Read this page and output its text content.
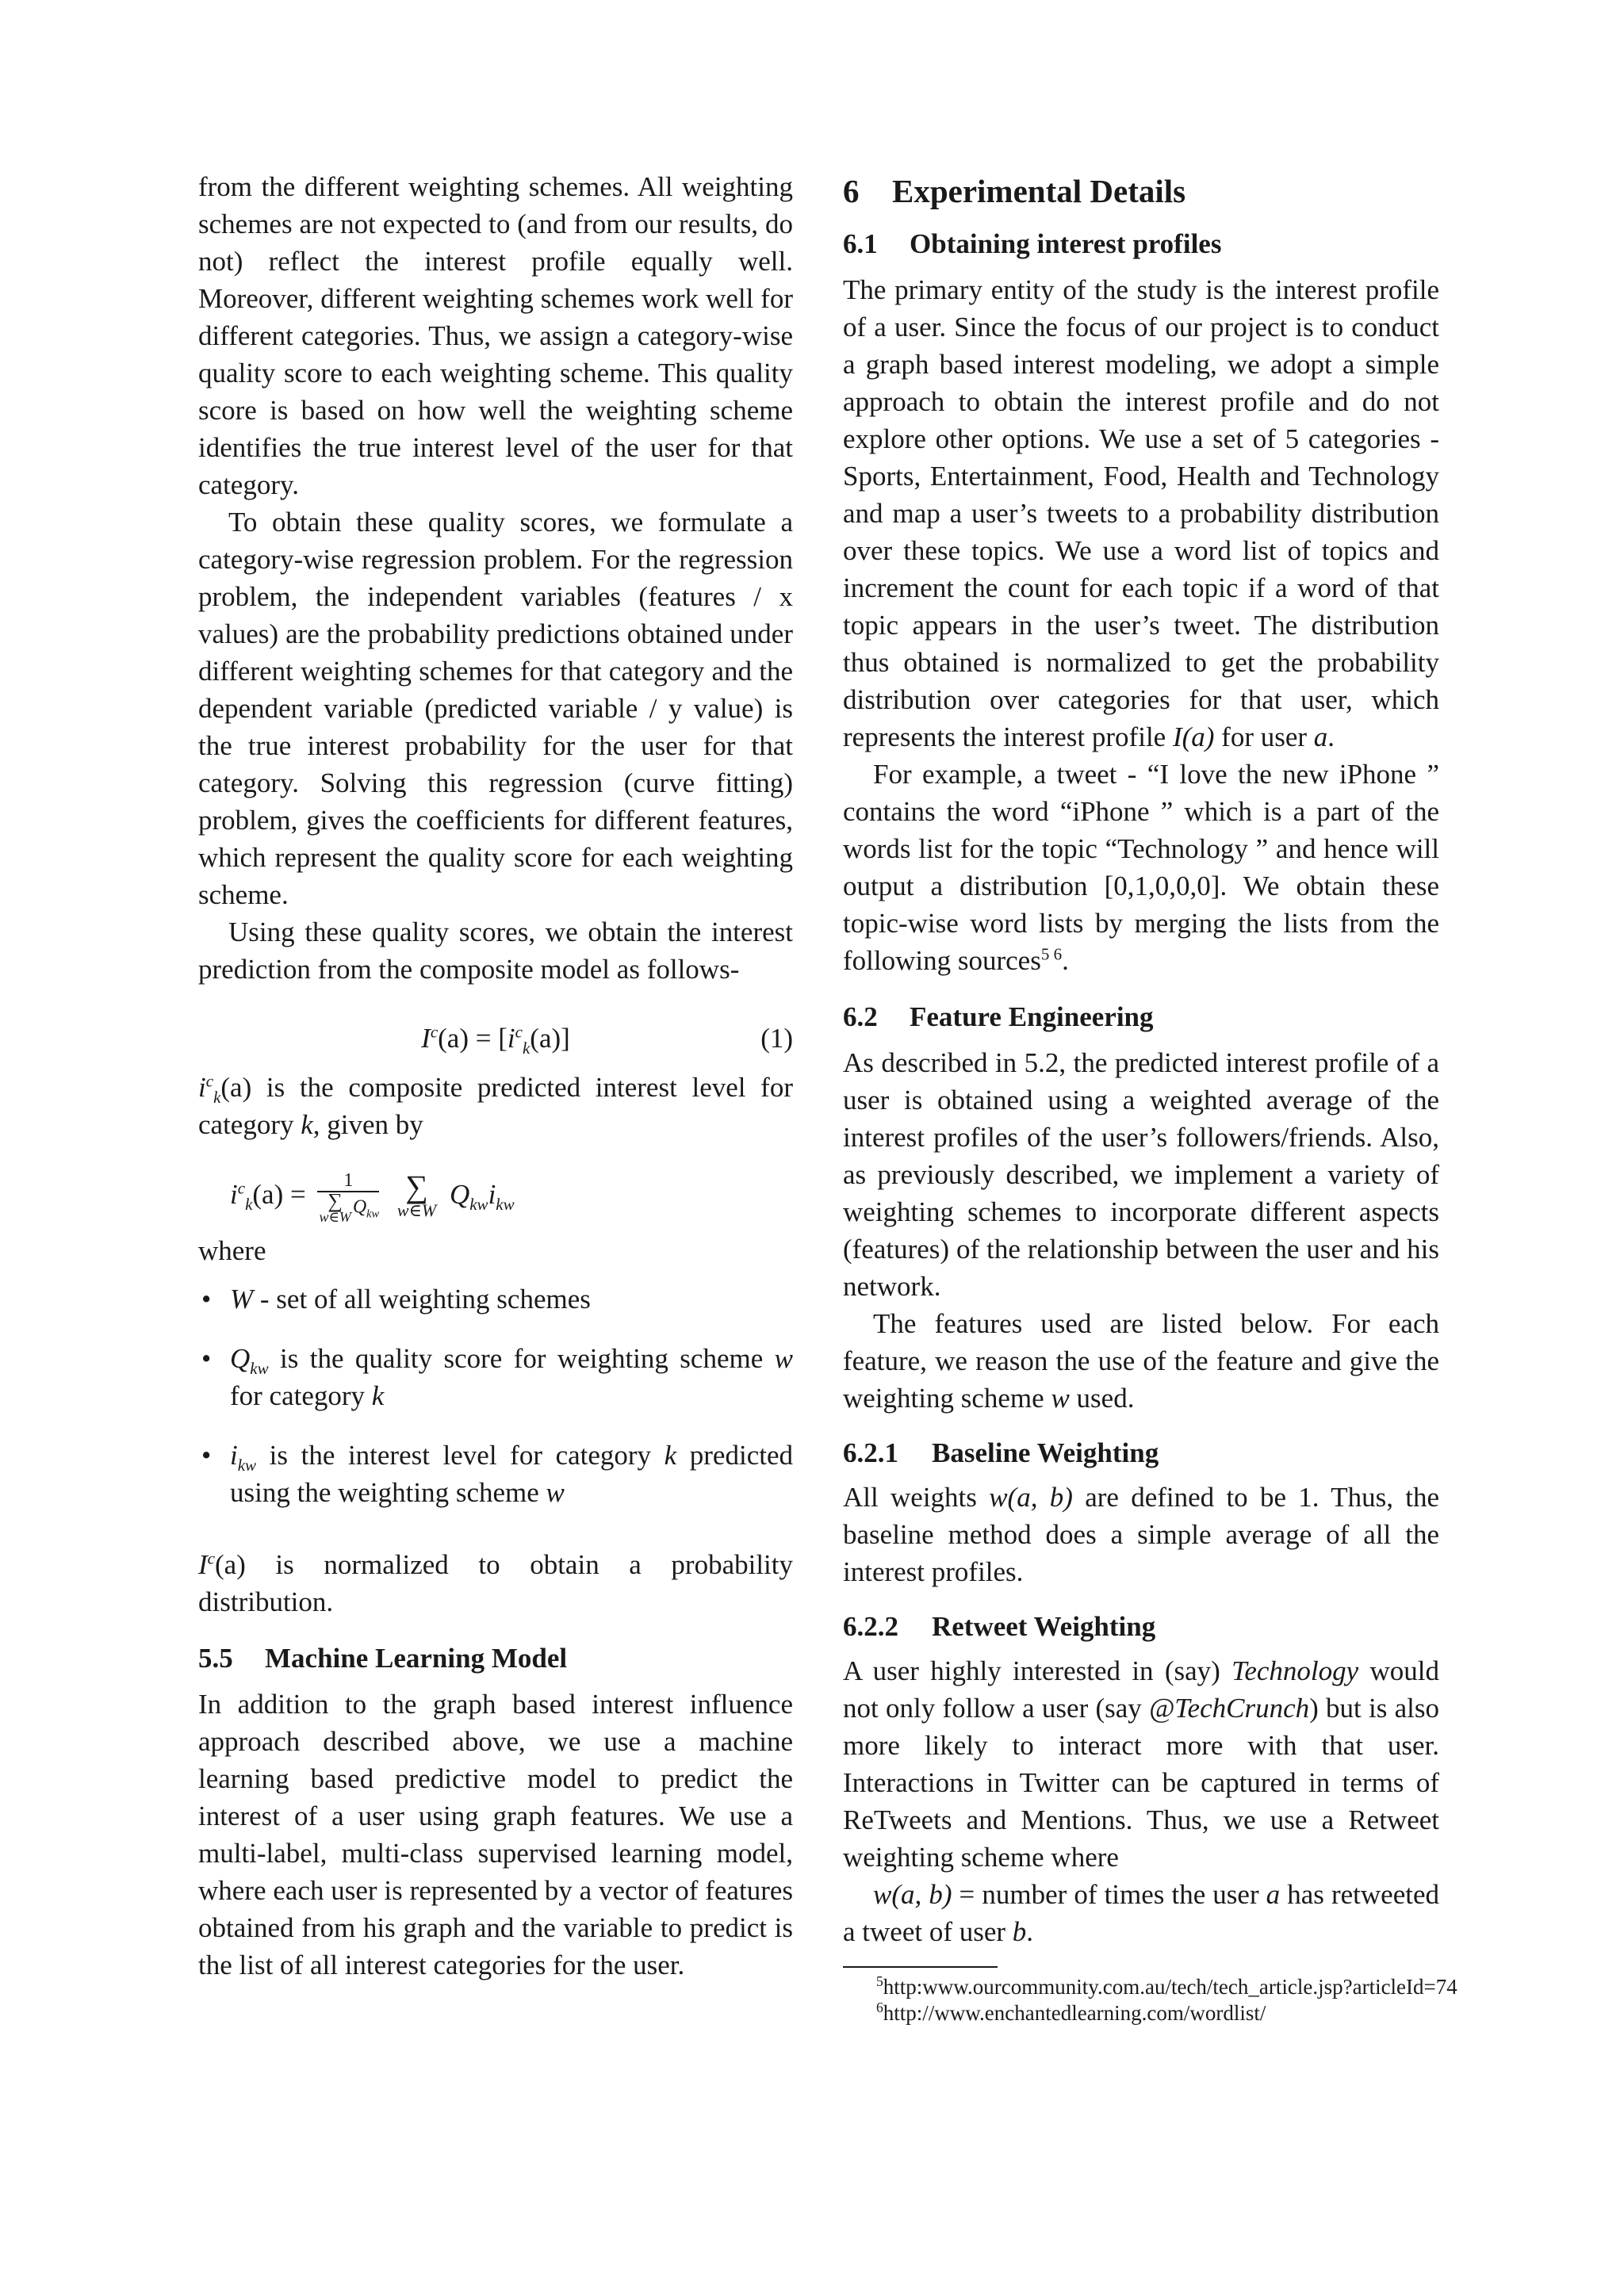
from the different weighting schemes. All weighting schemes are not expected to (and from our results, do not) reflect the interest profile equally well. Moreover, different weighting schemes work well for different categories. Thus, we assign a category-wise quality score to each weighting scheme. This quality score is based on how well the weighting scheme identifies the true interest level of the user for that category.

To obtain these quality scores, we formulate a category-wise regression problem. For the regression problem, the independent variables (features / x values) are the probability predictions obtained under different weighting schemes for that category and the dependent variable (predicted variable / y value) is the true interest probability for the user for that category. Solving this regression (curve fitting) problem, gives the coefficients for different features, which represent the quality score for each weighting scheme.

Using these quality scores, we obtain the interest prediction from the composite model as follows-

$I^c(a) = [i^c_k(a)]$	(1)

$i^c_k(a)$ is the composite predicted interest level for category k, given by

$i^c_k(a) = 1$
∑
w∈W $Q_{kw}$
∑
w∈W
$Q_{kw}i_{kw}$

where

• W - set of all weighting schemes
• $Q_{kw}$ is the quality score for weighting scheme w for category k
• $i_{kw}$ is the interest level for category k predicted using the weighting scheme w

$I^c(a)$ is normalized to obtain a probability distribution.

5.5 Machine Learning Model

In addition to the graph based interest influence approach described above, we use a machine learning based predictive model to predict the interest of a user using graph features. We use a multi-label, multi-class supervised learning model, where each user is represented by a vector of features obtained from his graph and the variable to predict is the list of all interest categories for the user.

6 Experimental Details
6.1 Obtaining interest profiles

The primary entity of the study is the interest profile of a user. Since the focus of our project is to conduct a graph based interest modeling, we adopt a simple approach to obtain the interest profile and do not explore other options. We use a set of 5 categories - Sports, Entertainment, Food, Health and Technology and map a user’s tweets to a probability distribution over these topics. We use a word list of topics and increment the count for each topic if a word of that topic appears in the user’s tweet. The distribution thus obtained is normalized to get the probability distribution over categories for that user, which represents the interest profile I(a) for user a.

For example, a tweet - “I love the new iPhone ” contains the word “iPhone ” which is a part of the words list for the topic “Technology ” and hence will output a distribution [0,1,0,0,0]. We obtain these topic-wise word lists by merging the lists from the following sources$^{5 6}$.

6.2 Feature Engineering

As described in 5.2, the predicted interest profile of a user is obtained using a weighted average of the interest profiles of the user’s followers/friends. Also, as previously described, we implement a variety of weighting schemes to incorporate different aspects (features) of the relationship between the user and his network.

The features used are listed below. For each feature, we reason the use of the feature and give the weighting scheme w used.

6.2.1 Baseline Weighting

All weights w(a, b) are defined to be 1. Thus, the baseline method does a simple average of all the interest profiles.

6.2.2 Retweet Weighting

A user highly interested in (say) Technology would not only follow a user (say @TechCrunch) but is also more likely to interact more with that user. Interactions in Twitter can be captured in terms of ReTweets and Mentions. Thus, we use a Retweet weighting scheme where

w(a, b) = number of times the user a has retweeted a tweet of user b.

$^5$http:www.ourcommunity.com.au/tech/tech_article.jsp?articleId=74
$^6$http://www.enchantedlearning.com/wordlist/
